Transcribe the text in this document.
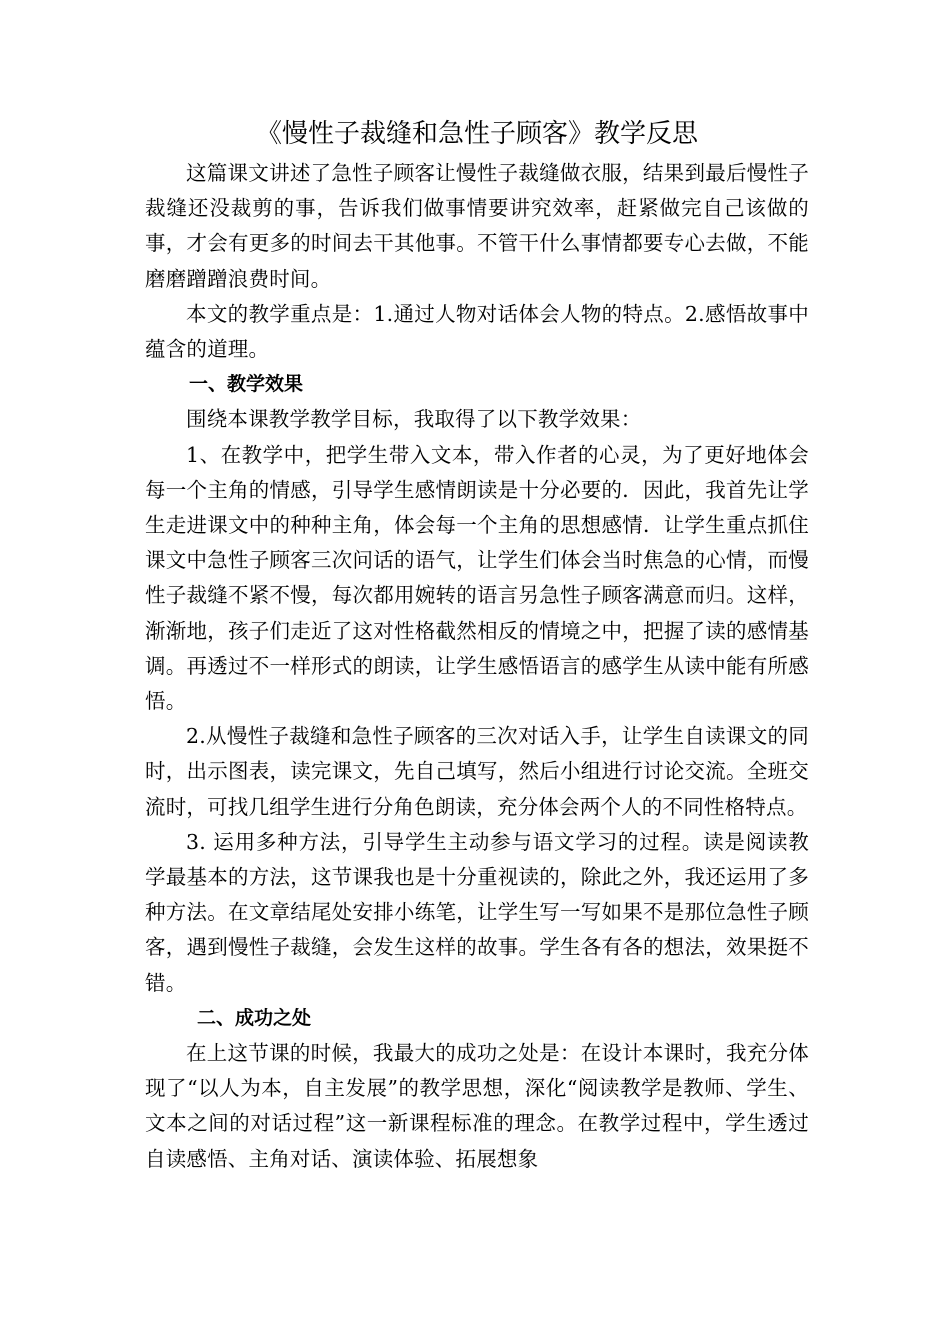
《慢性子裁缝和急性子顾客》教学反思

这篇课文讲述了急性子顾客让慢性子裁缝做衣服，结果到最后慢性子裁缝还没裁剪的事，告诉我们做事情要讲究效率，赶紧做完自己该做的事，才会有更多的时间去干其他事。不管干什么事情都要专心去做，不能磨磨蹭蹭浪费时间。

本文的教学重点是：1.通过人物对话体会人物的特点。2.感悟故事中蕴含的道理。

一、教学效果

围绕本课教学教学目标，我取得了以下教学效果：

1、在教学中，把学生带入文本，带入作者的心灵，为了更好地体会每一个主角的情感，引导学生感情朗读是十分必要的．因此，我首先让学生走进课文中的种种主角，体会每一个主角的思想感情．让学生重点抓住课文中急性子顾客三次问话的语气，让学生们体会当时焦急的心情，而慢性子裁缝不紧不慢，每次都用婉转的语言另急性子顾客满意而归。这样，渐渐地，孩子们走近了这对性格截然相反的情境之中，把握了读的感情基调。再透过不一样形式的朗读，让学生感悟语言的感学生从读中能有所感悟。

2.从慢性子裁缝和急性子顾客的三次对话入手，让学生自读课文的同时，出示图表，读完课文，先自己填写，然后小组进行讨论交流。全班交流时，可找几组学生进行分角色朗读，充分体会两个人的不同性格特点。

3. 运用多种方法，引导学生主动参与语文学习的过程。读是阅读教学最基本的方法，这节课我也是十分重视读的，除此之外，我还运用了多种方法。在文章结尾处安排小练笔，让学生写一写如果不是那位急性子顾客，遇到慢性子裁缝，会发生这样的故事。学生各有各的想法，效果挺不错。

二、成功之处

在上这节课的时候，我最大的成功之处是：在设计本课时，我充分体现了“以人为本，自主发展”的教学思想，深化“阅读教学是教师、学生、文本之间的对话过程”这一新课程标准的理念。在教学过程中，学生透过自读感悟、主角对话、演读体验、拓展想象
